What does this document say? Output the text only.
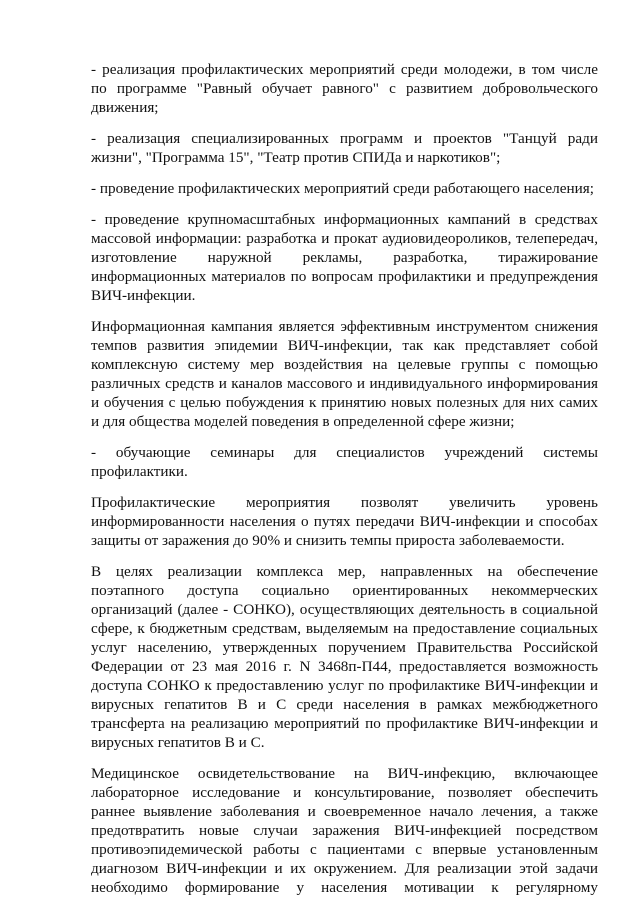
- реализация профилактических мероприятий среди молодежи, в том числе по программе "Равный обучает равного" с развитием добровольческого движения;

- реализация специализированных программ и проектов "Танцуй ради жизни", "Программа 15", "Театр против СПИДа и наркотиков";

- проведение профилактических мероприятий среди работающего населения;

- проведение крупномасштабных информационных кампаний в средствах массовой информации: разработка и прокат аудиовидеороликов, телепередач, изготовление наружной рекламы, разработка, тиражирование информационных материалов по вопросам профилактики и предупреждения ВИЧ-инфекции.

Информационная кампания является эффективным инструментом снижения темпов развития эпидемии ВИЧ-инфекции, так как представляет собой комплексную систему мер воздействия на целевые группы с помощью различных средств и каналов массового и индивидуального информирования и обучения с целью побуждения к принятию новых полезных для них самих и для общества моделей поведения в определенной сфере жизни;

- обучающие семинары для специалистов учреждений системы профилактики.

Профилактические мероприятия позволят увеличить уровень информированности населения о путях передачи ВИЧ-инфекции и способах защиты от заражения до 90% и снизить темпы прироста заболеваемости.

В целях реализации комплекса мер, направленных на обеспечение поэтапного доступа социально ориентированных некоммерческих организаций (далее - СОНКО), осуществляющих деятельность в социальной сфере, к бюджетным средствам, выделяемым на предоставление социальных услуг населению, утвержденных поручением Правительства Российской Федерации от 23 мая 2016 г. N 3468п-П44, предоставляется возможность доступа СОНКО к предоставлению услуг по профилактике ВИЧ-инфекции и вирусных гепатитов B и C среди населения в рамках межбюджетного трансферта на реализацию мероприятий по профилактике ВИЧ-инфекции и вирусных гепатитов B и C.

Медицинское освидетельствование на ВИЧ-инфекцию, включающее лабораторное исследование и консультирование, позволяет обеспечить раннее выявление заболевания и своевременное начало лечения, а также предотвратить новые случаи заражения ВИЧ-инфекцией посредством противоэпидемической работы с пациентами с впервые установленным диагнозом ВИЧ-инфекции и их окружением. Для реализации этой задачи необходимо формирование у населения мотивации к регулярному
